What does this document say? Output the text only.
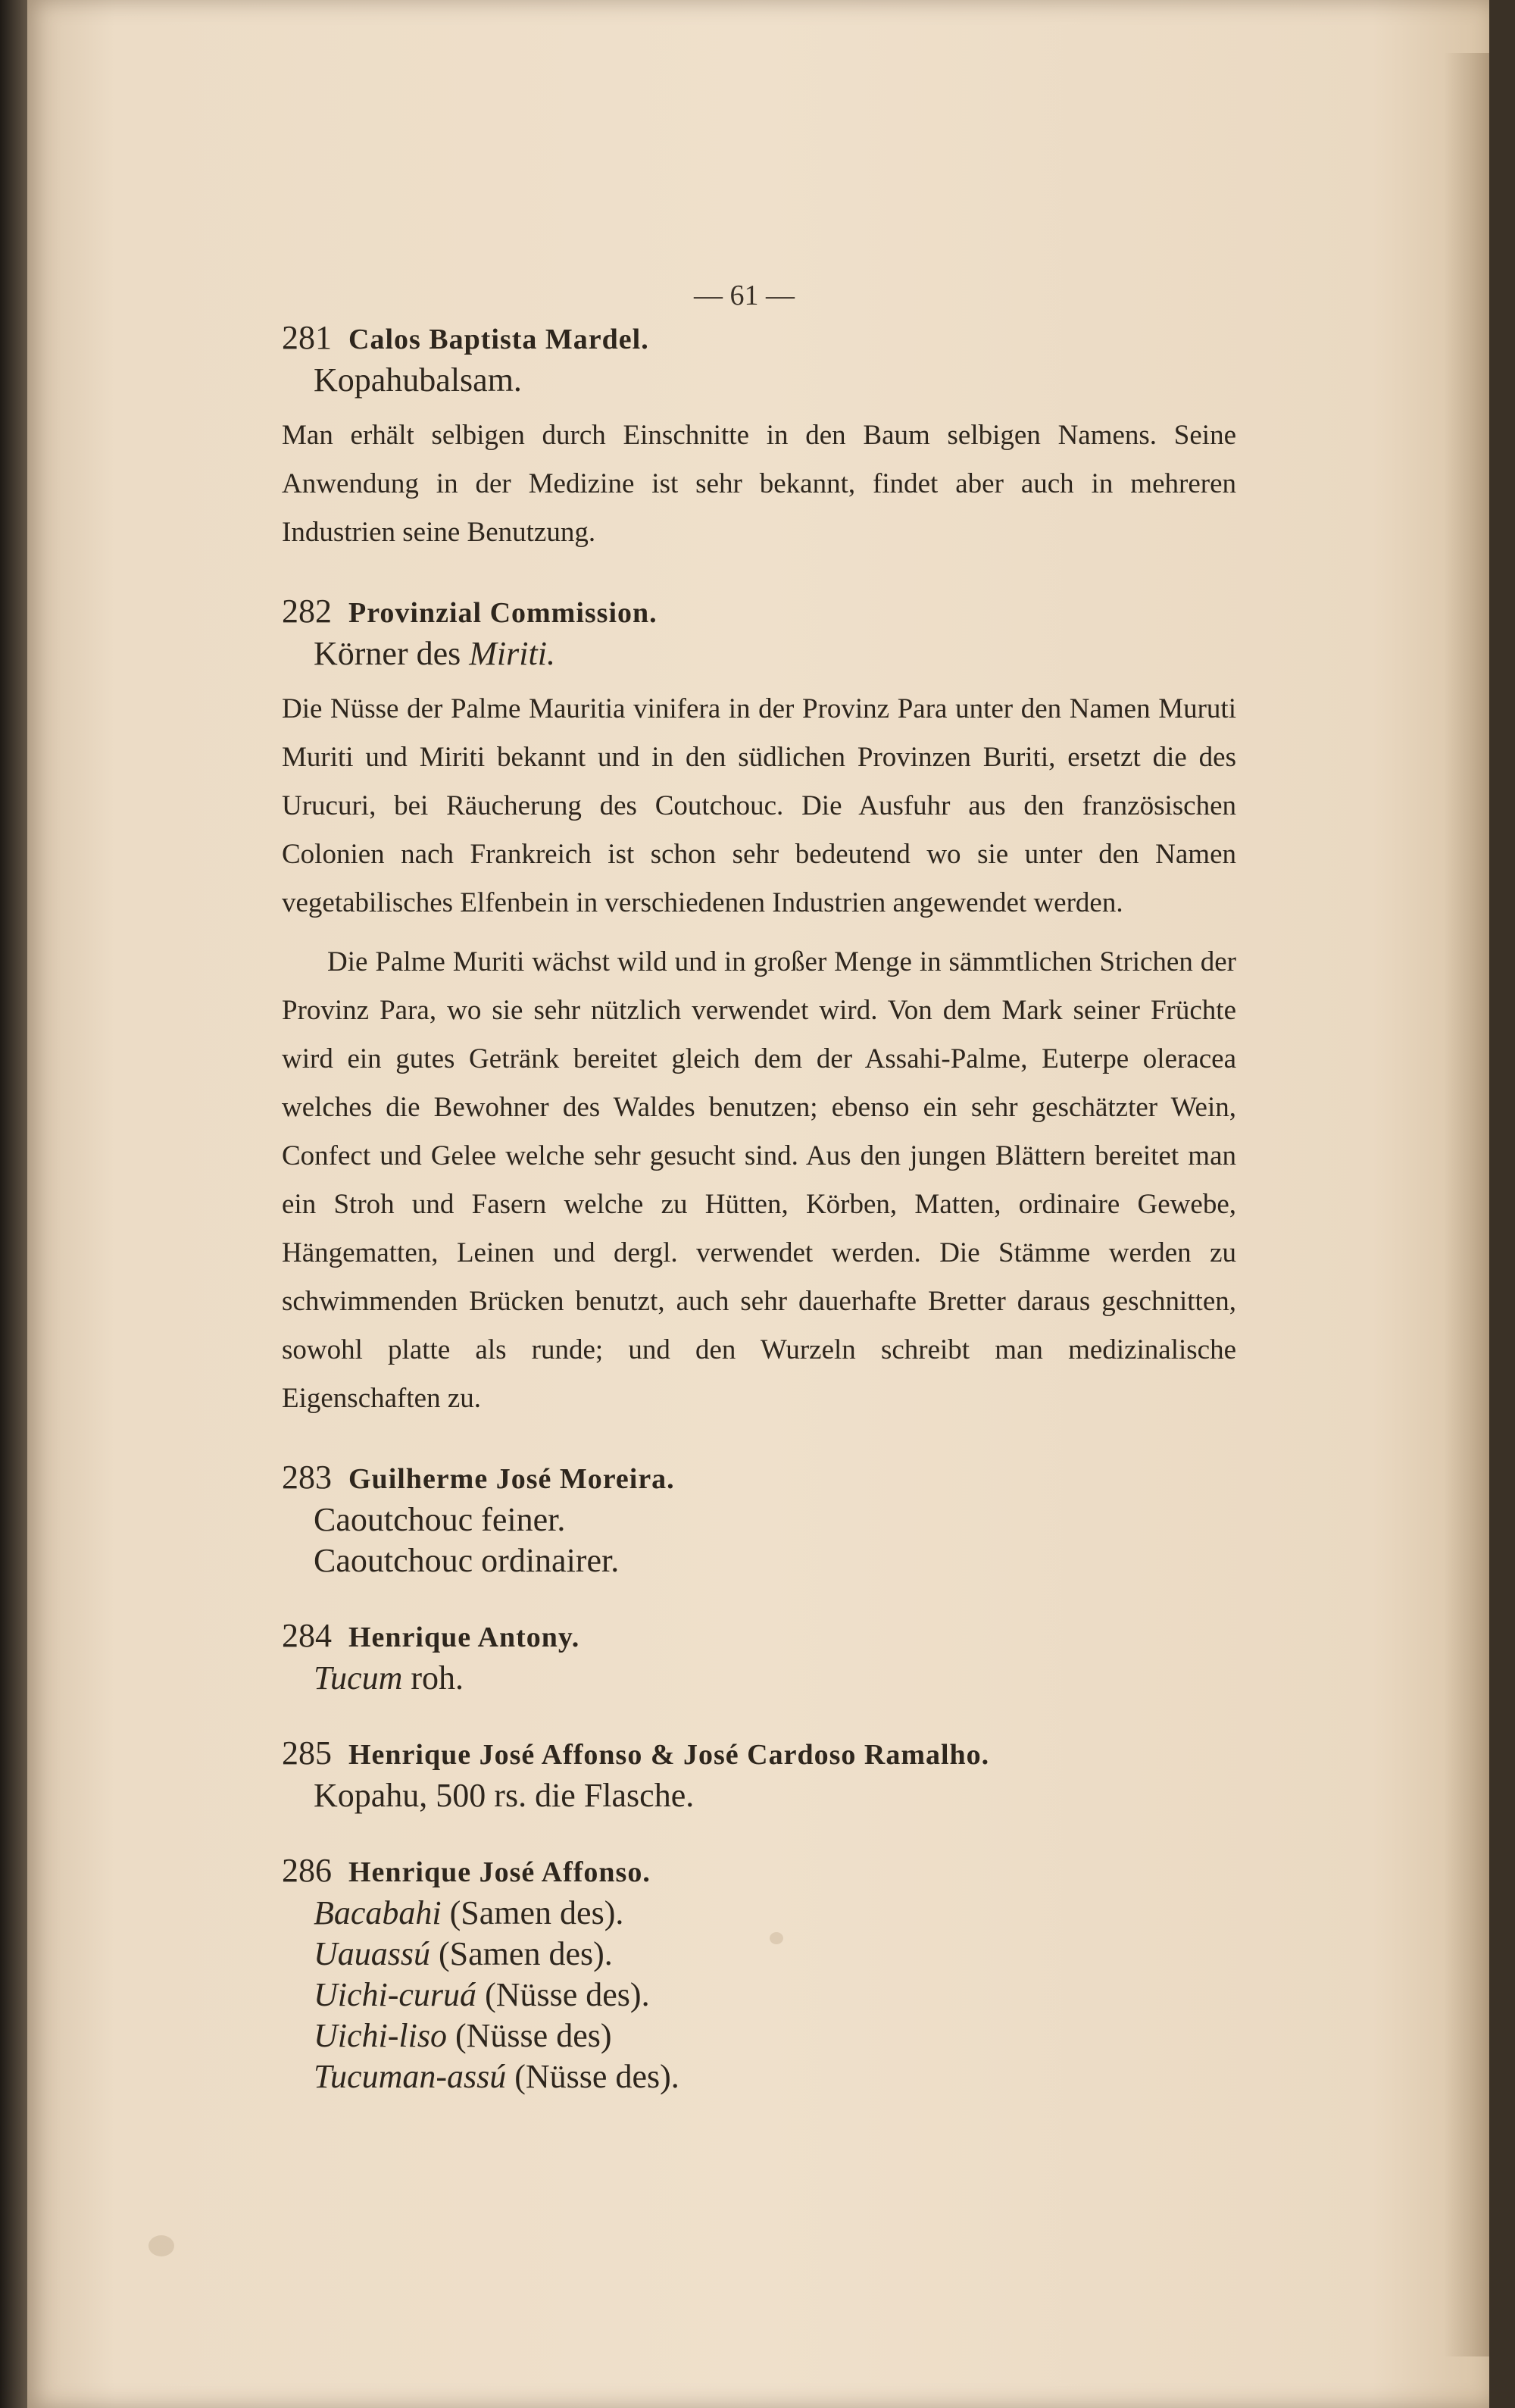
— 61 —
281 Calos Baptista Mardel.
Kopahubalsam.

Man erhält selbigen durch Einschnitte in den Baum selbigen Namens. Seine Anwendung in der Medizine ist sehr bekannt, findet aber auch in mehreren Industrien seine Benutzung.

282 Provinzial Commission.
Körner des Miriti.

Die Nüsse der Palme Mauritia vinifera in der Provinz Para unter den Namen Muruti Muriti und Miriti bekannt und in den südlichen Provinzen Buriti, ersetzt die des Urucuri, bei Räucherung des Coutchouc. Die Ausfuhr aus den französischen Colonien nach Frankreich ist schon sehr bedeutend wo sie unter den Namen vegetabilisches Elfenbein in verschiedenen Industrien angewendet werden.

Die Palme Muriti wächst wild und in großer Menge in sämmtlichen Strichen der Provinz Para, wo sie sehr nützlich verwendet wird. Von dem Mark seiner Früchte wird ein gutes Getränk bereitet gleich dem der Assahi-Palme, Euterpe oleracea welches die Bewohner des Waldes benutzen; ebenso ein sehr geschätzter Wein, Confect und Gelee welche sehr gesucht sind. Aus den jungen Blättern bereitet man ein Stroh und Fasern welche zu Hütten, Körben, Matten, ordinaire Gewebe, Hängematten, Leinen und dergl. verwendet werden. Die Stämme werden zu schwimmenden Brücken benutzt, auch sehr dauerhafte Bretter daraus geschnitten, sowohl platte als runde; und den Wurzeln schreibt man medizinalische Eigenschaften zu.

283 Guilherme José Moreira.
Caoutchouc feiner.
Caoutchouc ordinairer.
284 Henrique Antony.
Tucum roh.
285 Henrique José Affonso & José Cardoso Ramalho.
Kopahu, 500 rs. die Flasche.
286 Henrique José Affonso.
Bacabahi (Samen des).
Uauassú (Samen des).
Uichi-curuá (Nüsse des).
Uichi-liso (Nüsse des)
Tucuman-assú (Nüsse des).
